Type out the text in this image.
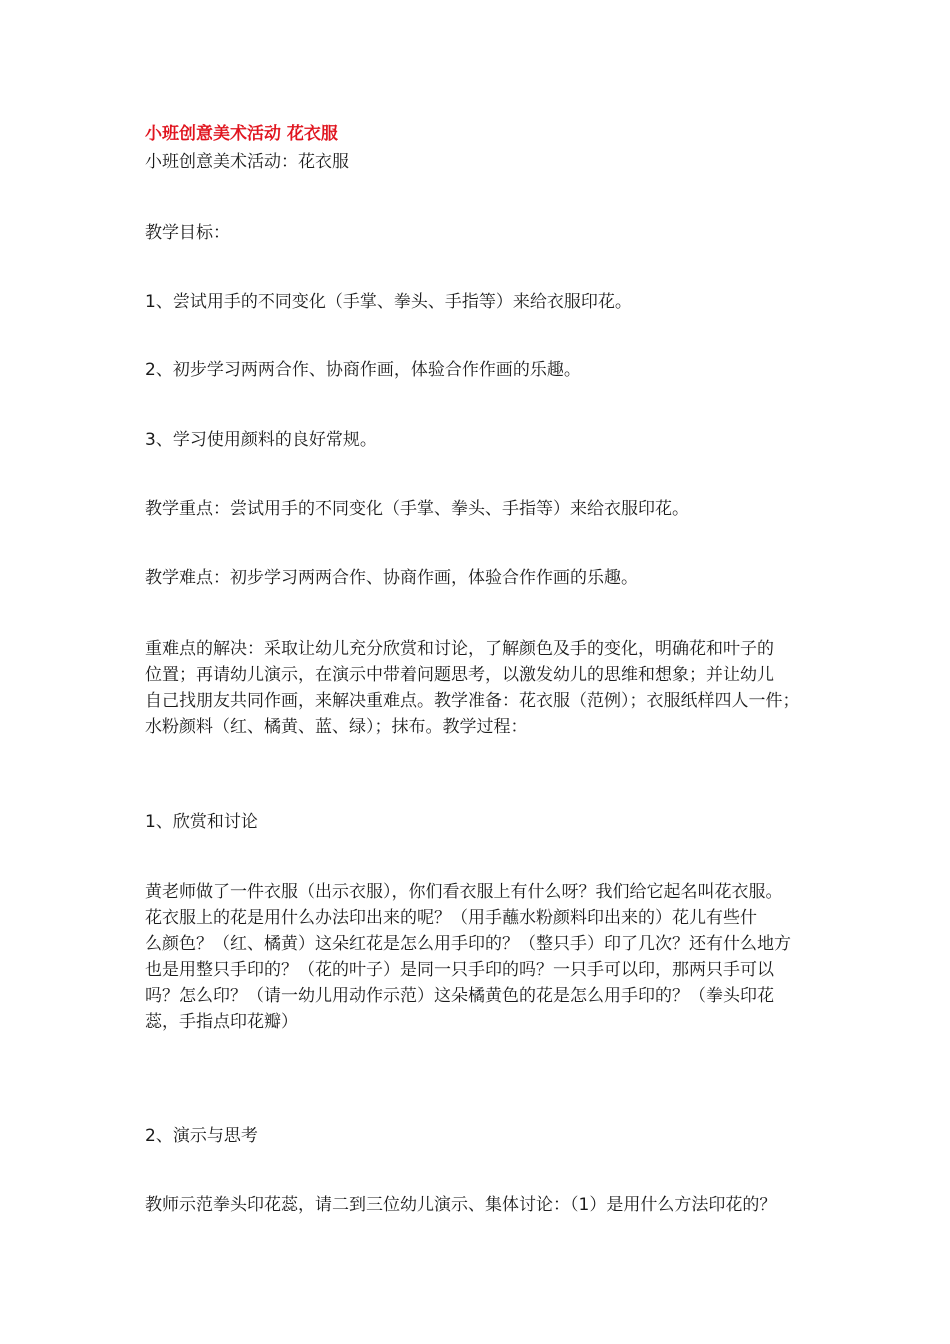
小班创意美术活动 花衣服
小班创意美术活动：花衣服
教学目标：
1、尝试用手的不同变化（手掌、拳头、手指等）来给衣服印花。
2、初步学习两两合作、协商作画，体验合作作画的乐趣。
3、学习使用颜料的良好常规。
教学重点：尝试用手的不同变化（手掌、拳头、手指等）来给衣服印花。
教学难点：初步学习两两合作、协商作画，体验合作作画的乐趣。
重难点的解决：采取让幼儿充分欣赏和讨论，了解颜色及手的变化，明确花和叶子的
位置；再请幼儿演示，在演示中带着问题思考，以激发幼儿的思维和想象；并让幼儿
自己找朋友共同作画，来解决重难点。教学准备：花衣服（范例）；衣服纸样四人一件；
水粉颜料（红、橘黄、蓝、绿）；抹布。教学过程：
1、欣赏和讨论
黄老师做了一件衣服（出示衣服），你们看衣服上有什么呀？我们给它起名叫花衣服。
花衣服上的花是用什么办法印出来的呢？（用手蘸水粉颜料印出来的）花儿有些什
么颜色？（红、橘黄）这朵红花是怎么用手印的？（整只手）印了几次？还有什么地方
也是用整只手印的？（花的叶子）是同一只手印的吗？一只手可以印，那两只手可以
吗？怎么印？（请一幼儿用动作示范）这朵橘黄色的花是怎么用手印的？（拳头印花
蕊，手指点印花瓣）
2、演示与思考
教师示范拳头印花蕊，请二到三位幼儿演示、集体讨论：（1）是用什么方法印花的？
